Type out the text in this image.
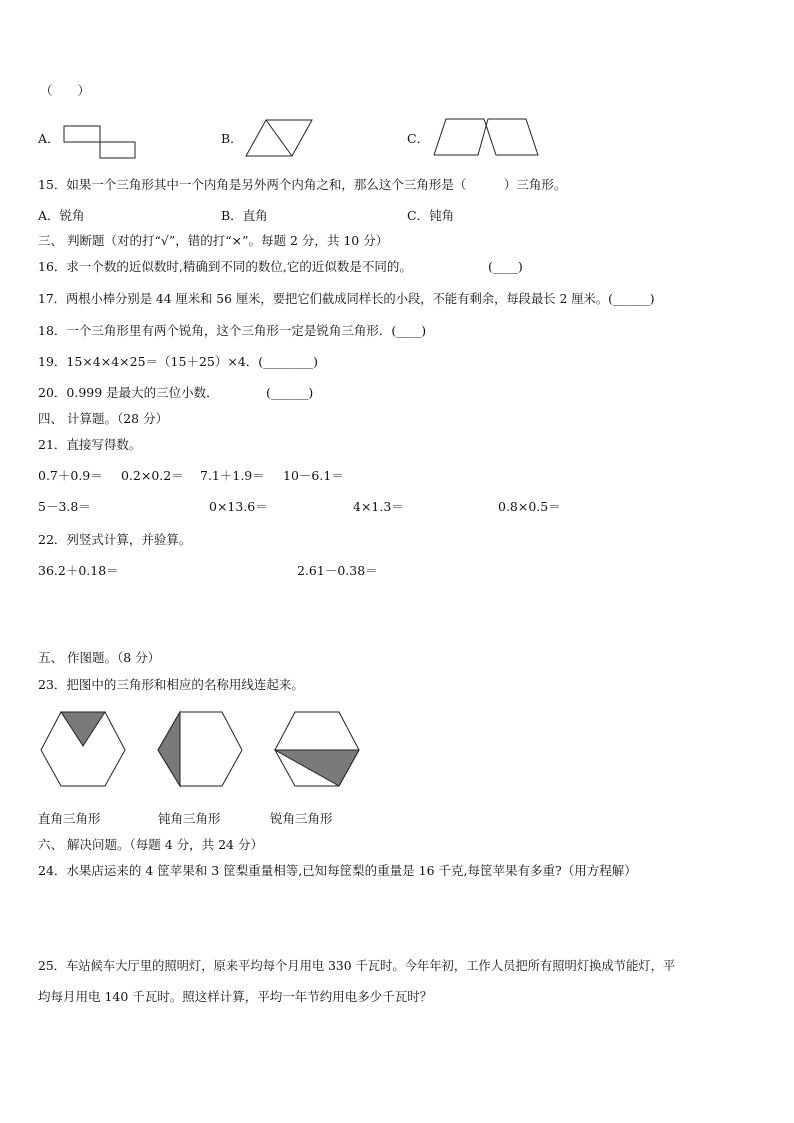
（　　）
A．	B．	C．
15．如果一个三角形其中一个内角是另外两个内角之和，那么这个三角形是（　　　）三角形。
A．锐角	B．直角	C．钝角
三、 判断题（对的打“√”，错的打“×”。每题 2 分，共 10 分）
16．求一个数的近似数时,精确到不同的数位,它的近似数是不同的。	(____)
17．两根小棒分别是 44 厘米和 56 厘米，要把它们截成同样长的小段，不能有剩余，每段最长 2 厘米。(______)
18．一个三角形里有两个锐角，这个三角形一定是锐角三角形．(____)
19．15×4×4×25＝（15＋25）×4．(________)
20．0.999 是最大的三位小数．	(______)
四、 计算题。（28 分）
21．直接写得数。
0.7＋0.9＝ 0.2×0.2＝ 7.1＋1.9＝ 10－6.1＝
5－3.8＝	0×13.6＝	4×1.3＝	0.8×0.5＝
22．列竖式计算，并验算。
36.2＋0.18＝	2.61－0.38＝
五、 作图题。（8 分）
23．把图中的三角形和相应的名称用线连起来。
直角三角形	钝角三角形	锐角三角形
六、 解决问题。（每题 4 分，共 24 分）
24．水果店运来的 4 筐苹果和 3 筐梨重量相等,已知每筐梨的重量是 16 千克,每筐苹果有多重?（用方程解）
25．车站候车大厅里的照明灯，原来平均每个月用电 330 千瓦时。今年年初，工作人员把所有照明灯换成节能灯，平
均每月用电 140 千瓦时。照这样计算，平均一年节约用电多少千瓦时？
